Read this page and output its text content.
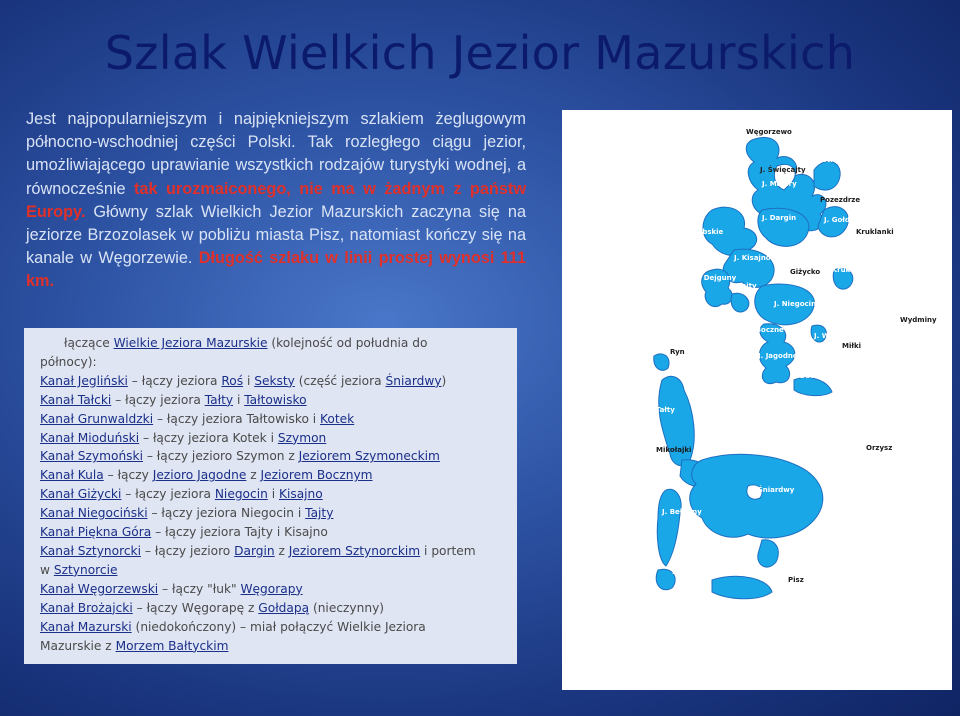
Szlak Wielkich Jezior Mazurskich
Jest najpopularniejszym i najpiękniejszym szlakiem żeglugowym północno-wschodniej części Polski. Tak rozległego ciągu jezior, umożliwiającego uprawianie wszystkich rodzajów turystyki wodnej, a równocześnie tak urozmaiconego, nie ma w żadnym z państw Europy. Główny szlak Wielkich Jezior Mazurskich zaczyna się na jeziorze Brzozolasek w pobliżu miasta Pisz, natomiast kończy się na kanale w Węgorzewie. Długość szlaku w linii prostej wynosi 111 km.
łączące Wielkie Jeziora Mazurskie (kolejność od południa do
północy):
Kanał Jegliński – łączy jeziora Roś i Seksty (część jeziora Śniardwy)
Kanał Tałcki – łączy jeziora Tałty i Tałtowisko
Kanał Grunwaldzki – łączy jeziora Tałtowisko i Kotek
Kanał Mioduński – łączy jeziora Kotek i Szymon
Kanał Szymoński – łączy jezioro Szymon z Jeziorem Szymoneckim
Kanał Kula – łączy Jezioro Jagodne z Jeziorem Bocznym
Kanał Giżycki – łączy jeziora Niegocin i Kisajno
Kanał Niegociński – łączy jeziora Niegocin i Tajty
Kanał Piękna Góra – łączy jeziora Tajty i Kisajno
Kanał Sztynorcki – łączy jezioro Dargin z Jeziorem Sztynorckim i portem
w Sztynorcie
Kanał Węgorzewski – łączy "łuk" Węgorapy
Kanał Brożajcki – łączy Węgorapę z Gołdapą (nieczynny)
Kanał Mazurski (niedokończony) – miał połączyć Wielkie Jeziora
Mazurskie z Morzem Bałtyckim
Węgorzewo
J. Stręgiel
J. Święcajty
J. Mamry
Pozezdrze
J. Dargin	J. Gołdapiwo
J. Dobskie	Kruklanki
J. Kisajno
Giżycko J. Kruklin
J. Dejguny
J. Tajty
J. Niegocin
Wydminy
J. Boczne
J. Wojnowo
Ryn	J. Jagodne
Miłki
J. Buwełno
J. Tałty
Orzysz
Mikołajki
J. Śniardwy
J. Bełdany
Ruciane Nida
Pisz
